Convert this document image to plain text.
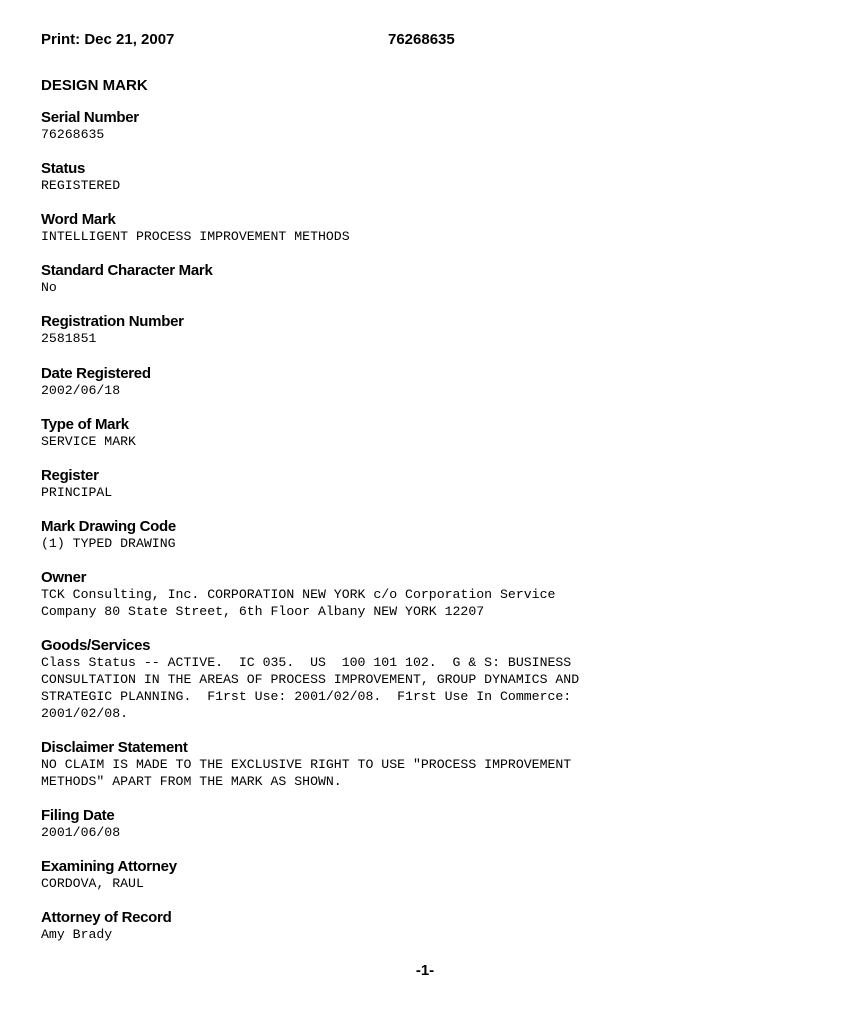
Print: Dec 21, 2007	76268635
DESIGN MARK
Serial Number
76268635
Status
REGISTERED
Word Mark
INTELLIGENT PROCESS IMPROVEMENT METHODS
Standard Character Mark
No
Registration Number
2581851
Date Registered
2002/06/18
Type of Mark
SERVICE MARK
Register
PRINCIPAL
Mark Drawing Code
(1) TYPED DRAWING
Owner
TCK Consulting, Inc. CORPORATION NEW YORK c/o Corporation Service
Company 80 State Street, 6th Floor Albany NEW YORK 12207
Goods/Services
Class Status -- ACTIVE.  IC 035.  US  100 101 102.  G & S: BUSINESS
CONSULTATION IN THE AREAS OF PROCESS IMPROVEMENT, GROUP DYNAMICS AND
STRATEGIC PLANNING.  F1rst Use: 2001/02/08.  F1rst Use In Commerce:
2001/02/08.
Disclaimer Statement
NO CLAIM IS MADE TO THE EXCLUSIVE RIGHT TO USE "PROCESS IMPROVEMENT
METHODS" APART FROM THE MARK AS SHOWN.
Filing Date
2001/06/08
Examining Attorney
CORDOVA, RAUL
Attorney of Record
Amy Brady
-1-
